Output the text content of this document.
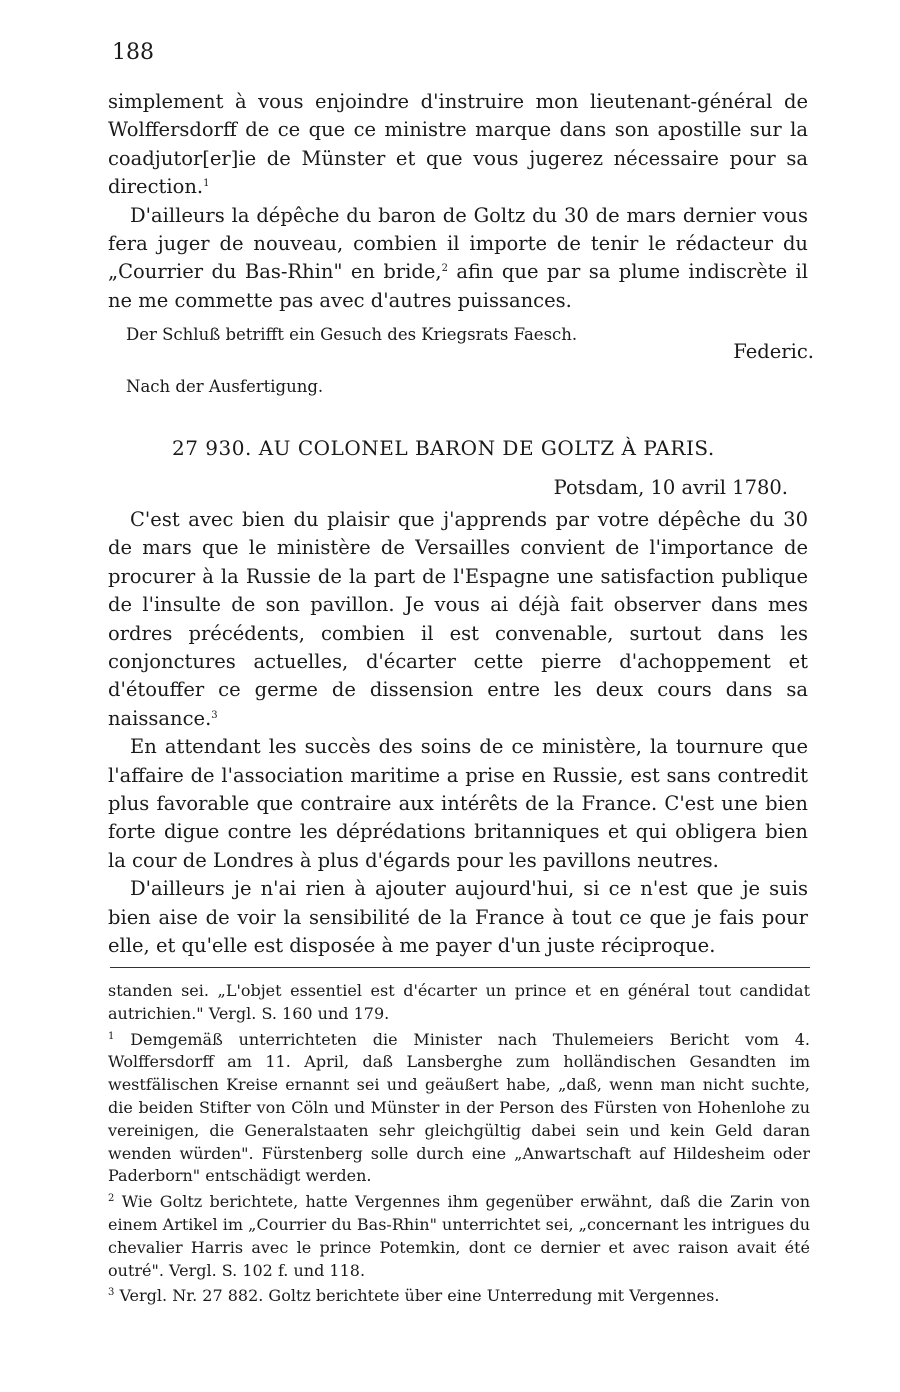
188

simplement à vous enjoindre d'instruire mon lieutenant-général de Wolffersdorff de ce que ce ministre marque dans son apostille sur la coadjutor[er]ie de Münster et que vous jugerez nécessaire pour sa direction.$^1$

D'ailleurs la dépêche du baron de Goltz du 30 de mars dernier vous fera juger de nouveau, combien il importe de tenir le rédacteur du „Courrier du Bas-Rhin" en bride,$^2$ afin que par sa plume indiscrète il ne me commette pas avec d'autres puissances.

Der Schluß betrifft ein Gesuch des Kriegsrats Faesch.
Federic.
Nach der Ausfertigung.
27 930. AU COLONEL BARON DE GOLTZ À PARIS.
Potsdam, 10 avril 1780.

C'est avec bien du plaisir que j'apprends par votre dépêche du 30 de mars que le ministère de Versailles convient de l'importance de procurer à la Russie de la part de l'Espagne une satisfaction publique de l'insulte de son pavillon. Je vous ai déjà fait observer dans mes ordres précédents, combien il est convenable, surtout dans les conjonctures actuelles, d'écarter cette pierre d'achoppement et d'étouffer ce germe de dissension entre les deux cours dans sa naissance.$^3$

En attendant les succès des soins de ce ministère, la tournure que l'affaire de l'association maritime a prise en Russie, est sans contredit plus favorable que contraire aux intérêts de la France. C'est une bien forte digue contre les déprédations britanniques et qui obligera bien la cour de Londres à plus d'égards pour les pavillons neutres.

D'ailleurs je n'ai rien à ajouter aujourd'hui, si ce n'est que je suis bien aise de voir la sensibilité de la France à tout ce que je fais pour elle, et qu'elle est disposée à me payer d'un juste réciproque.

standen sei. „L'objet essentiel est d'écarter un prince et en général tout candidat autrichien." Vergl. S. 160 und 179.

$^1$ Demgemäß unterrichteten die Minister nach Thulemeiers Bericht vom 4. Wolffersdorff am 11. April, daß Lansberghe zum holländischen Gesandten im westfälischen Kreise ernannt sei und geäußert habe, „daß, wenn man nicht suchte, die beiden Stifter von Cöln und Münster in der Person des Fürsten von Hohenlohe zu vereinigen, die Generalstaaten sehr gleichgültig dabei sein und kein Geld daran wenden würden". Fürstenberg solle durch eine „Anwartschaft auf Hildesheim oder Paderborn" entschädigt werden.

$^2$ Wie Goltz berichtete, hatte Vergennes ihm gegenüber erwähnt, daß die Zarin von einem Artikel im „Courrier du Bas-Rhin" unterrichtet sei, „concernant les intrigues du chevalier Harris avec le prince Potemkin, dont ce dernier et avec raison avait été outré". Vergl. S. 102 f. und 118.

$^3$ Vergl. Nr. 27 882. Goltz berichtete über eine Unterredung mit Vergennes.
